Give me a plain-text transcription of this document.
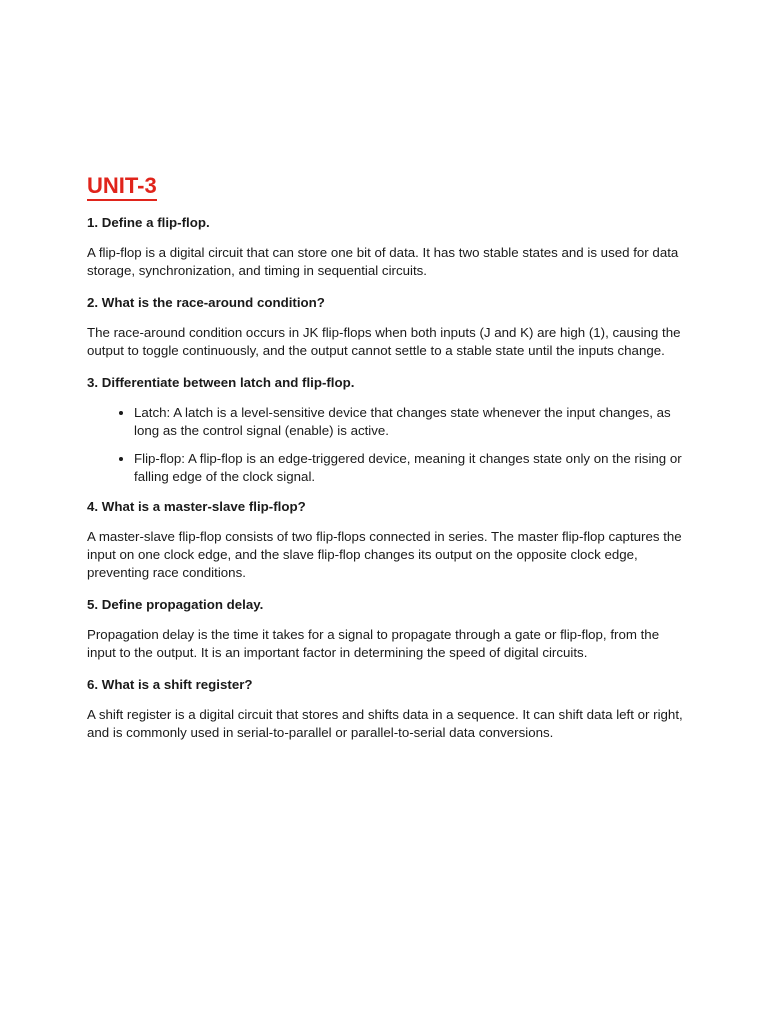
UNIT-3
1. Define a flip-flop.
A flip-flop is a digital circuit that can store one bit of data. It has two stable states and is used for data storage, synchronization, and timing in sequential circuits.
2. What is the race-around condition?
The race-around condition occurs in JK flip-flops when both inputs (J and K) are high (1), causing the output to toggle continuously, and the output cannot settle to a stable state until the inputs change.
3. Differentiate between latch and flip-flop.
• Latch: A latch is a level-sensitive device that changes state whenever the input changes, as long as the control signal (enable) is active.
• Flip-flop: A flip-flop is an edge-triggered device, meaning it changes state only on the rising or falling edge of the clock signal.
4. What is a master-slave flip-flop?
A master-slave flip-flop consists of two flip-flops connected in series. The master flip-flop captures the input on one clock edge, and the slave flip-flop changes its output on the opposite clock edge, preventing race conditions.
5. Define propagation delay.
Propagation delay is the time it takes for a signal to propagate through a gate or flip-flop, from the input to the output. It is an important factor in determining the speed of digital circuits.
6. What is a shift register?
A shift register is a digital circuit that stores and shifts data in a sequence. It can shift data left or right, and is commonly used in serial-to-parallel or parallel-to-serial data conversions.
